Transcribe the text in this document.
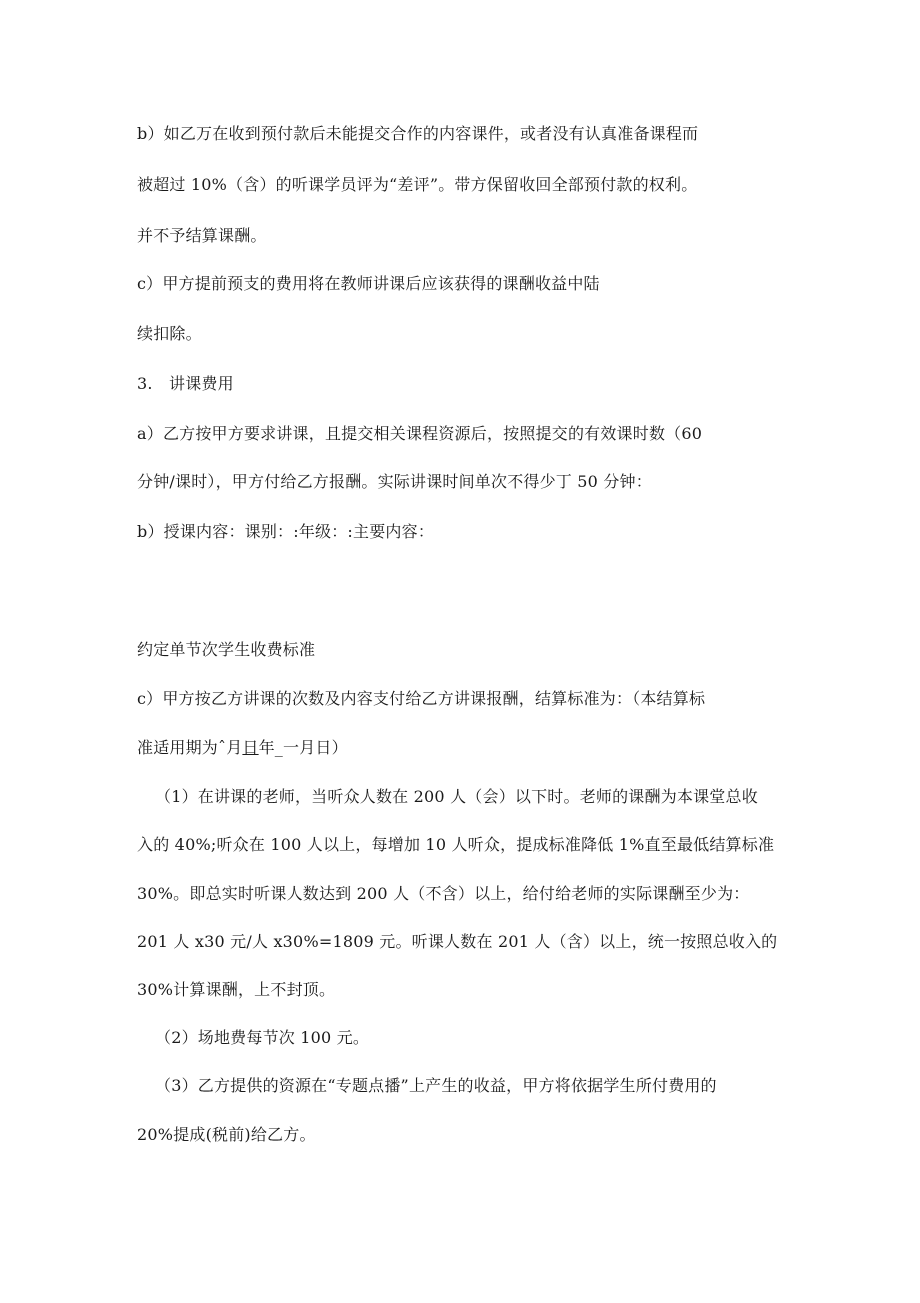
b）如乙万在收到预付款后未能提交合作的内容课件，或者没有认真准备课程而
被超过 10%（含）的听课学员评为“差评”。带方保留收回全部预付款的权利。
并不予结算课酬。
c）甲方提前预支的费用将在教师讲课后应该获得的课酬收益中陆
续扣除。
3. 讲课费用
a）乙方按甲方要求讲课，且提交相关课程资源后，按照提交的有效课时数（60
分钟/课时），甲方付给乙方报酬。实际讲课时间单次不得少丁 50 分钟：
b）授课内容：课别：:年级：:主要内容：
约定单节次学生收费标准
c）甲方按乙方讲课的次数及内容支付给乙方讲课报酬，结算标准为：（本结算标
准适用期为ˆ月日年_一月日）
（1）在讲课的老师，当听众人数在 200 人（会）以下时。老师的课酬为本课堂总收
入的 40%;听众在 100 人以上，每增加 10 人听众，提成标准降低 1%直至最低结算标准
30%。即总实时听课人数达到 200 人（不含）以上，给付给老师的实际课酬至少为：
201 人 x30 元/人 x30%=1809 元。听课人数在 201 人（含）以上，统一按照总收入的
30%计算课酬，上不封顶。
（2）场地费每节次 100 元。
（3）乙方提供的资源在“专题点播”上产生的收益，甲方将依据学生所付费用的
20%提成(税前)给乙方。
